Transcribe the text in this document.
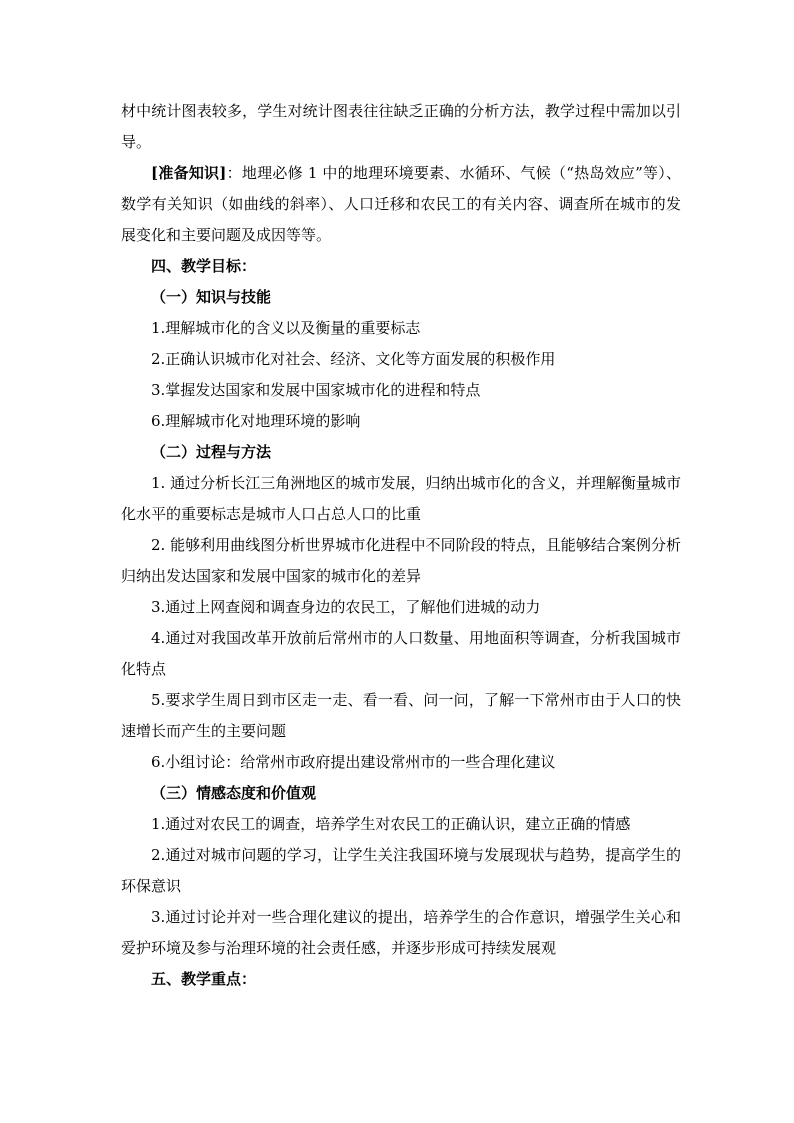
材中统计图表较多，学生对统计图表往往缺乏正确的分析方法，教学过程中需加以引导。

[准备知识]：地理必修 1 中的地理环境要素、水循环、气候（“热岛效应”等）、数学有关知识（如曲线的斜率）、人口迁移和农民工的有关内容、调查所在城市的发展变化和主要问题及成因等等。

四、教学目标：

（一）知识与技能

1.理解城市化的含义以及衡量的重要标志

2.正确认识城市化对社会、经济、文化等方面发展的积极作用

3.掌握发达国家和发展中国家城市化的进程和特点

6.理解城市化对地理环境的影响

（二）过程与方法

1. 通过分析长江三角洲地区的城市发展，归纳出城市化的含义，并理解衡量城市化水平的重要标志是城市人口占总人口的比重

2. 能够利用曲线图分析世界城市化进程中不同阶段的特点，且能够结合案例分析归纳出发达国家和发展中国家的城市化的差异

3.通过上网查阅和调查身边的农民工，了解他们进城的动力

4.通过对我国改革开放前后常州市的人口数量、用地面积等调查，分析我国城市化特点

5.要求学生周日到市区走一走、看一看、问一问，了解一下常州市由于人口的快速增长而产生的主要问题

6.小组讨论：给常州市政府提出建设常州市的一些合理化建议

（三）情感态度和价值观

1.通过对农民工的调查，培养学生对农民工的正确认识，建立正确的情感

2.通过对城市问题的学习，让学生关注我国环境与发展现状与趋势，提高学生的环保意识

3.通过讨论并对一些合理化建议的提出，培养学生的合作意识，增强学生关心和爱护环境及参与治理环境的社会责任感，并逐步形成可持续发展观

五、教学重点：
